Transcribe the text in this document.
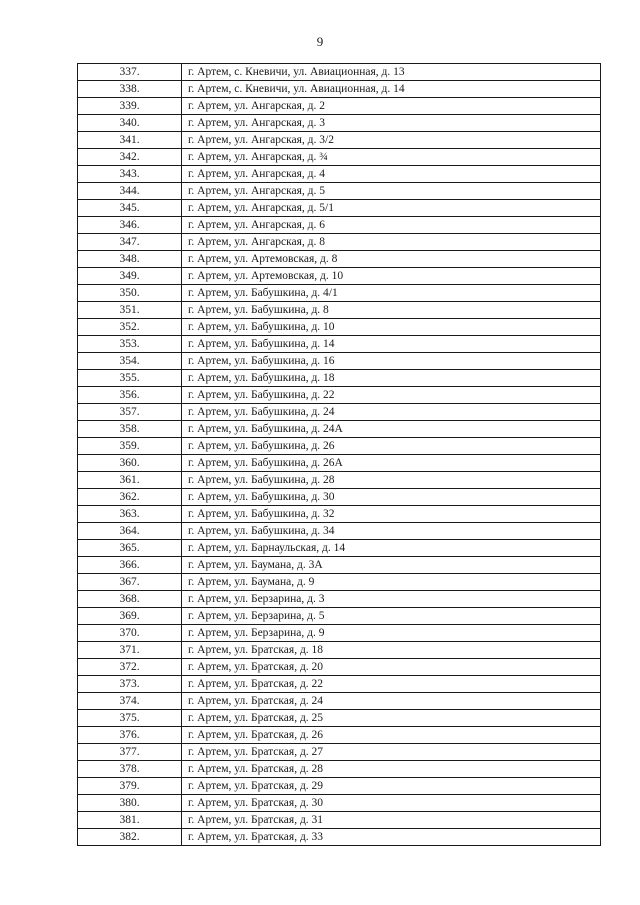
9
337.	г. Артем, с. Кневичи, ул. Авиационная, д. 13
338.	г. Артем, с. Кневичи, ул. Авиационная, д. 14
339.	г. Артем, ул. Ангарская, д. 2
340.	г. Артем, ул. Ангарская, д. 3
341.	г. Артем, ул. Ангарская, д. 3/2
342.	г. Артем, ул. Ангарская, д. ¾
343.	г. Артем, ул. Ангарская, д. 4
344.	г. Артем, ул. Ангарская, д. 5
345.	г. Артем, ул. Ангарская, д. 5/1
346.	г. Артем, ул. Ангарская, д. 6
347.	г. Артем, ул. Ангарская, д. 8
348.	г. Артем, ул. Артемовская, д. 8
349.	г. Артем, ул. Артемовская, д. 10
350.	г. Артем, ул. Бабушкина, д. 4/1
351.	г. Артем, ул. Бабушкина, д. 8
352.	г. Артем, ул. Бабушкина, д. 10
353.	г. Артем, ул. Бабушкина, д. 14
354.	г. Артем, ул. Бабушкина, д. 16
355.	г. Артем, ул. Бабушкина, д. 18
356.	г. Артем, ул. Бабушкина, д. 22
357.	г. Артем, ул. Бабушкина, д. 24
358.	г. Артем, ул. Бабушкина, д. 24А
359.	г. Артем, ул. Бабушкина, д. 26
360.	г. Артем, ул. Бабушкина, д. 26А
361.	г. Артем, ул. Бабушкина, д. 28
362.	г. Артем, ул. Бабушкина, д. 30
363.	г. Артем, ул. Бабушкина, д. 32
364.	г. Артем, ул. Бабушкина, д. 34
365.	г. Артем, ул. Барнаульская, д. 14
366.	г. Артем, ул. Баумана, д. 3А
367.	г. Артем, ул. Баумана, д. 9
368.	г. Артем, ул. Берзарина, д. 3
369.	г. Артем, ул. Берзарина, д. 5
370.	г. Артем, ул. Берзарина, д. 9
371.	г. Артем, ул. Братская, д. 18
372.	г. Артем, ул. Братская, д. 20
373.	г. Артем, ул. Братская, д. 22
374.	г. Артем, ул. Братская, д. 24
375.	г. Артем, ул. Братская, д. 25
376.	г. Артем, ул. Братская, д. 26
377.	г. Артем, ул. Братская, д. 27
378.	г. Артем, ул. Братская, д. 28
379.	г. Артем, ул. Братская, д. 29
380.	г. Артем, ул. Братская, д. 30
381.	г. Артем, ул. Братская, д. 31
382.	г. Артем, ул. Братская, д. 33
